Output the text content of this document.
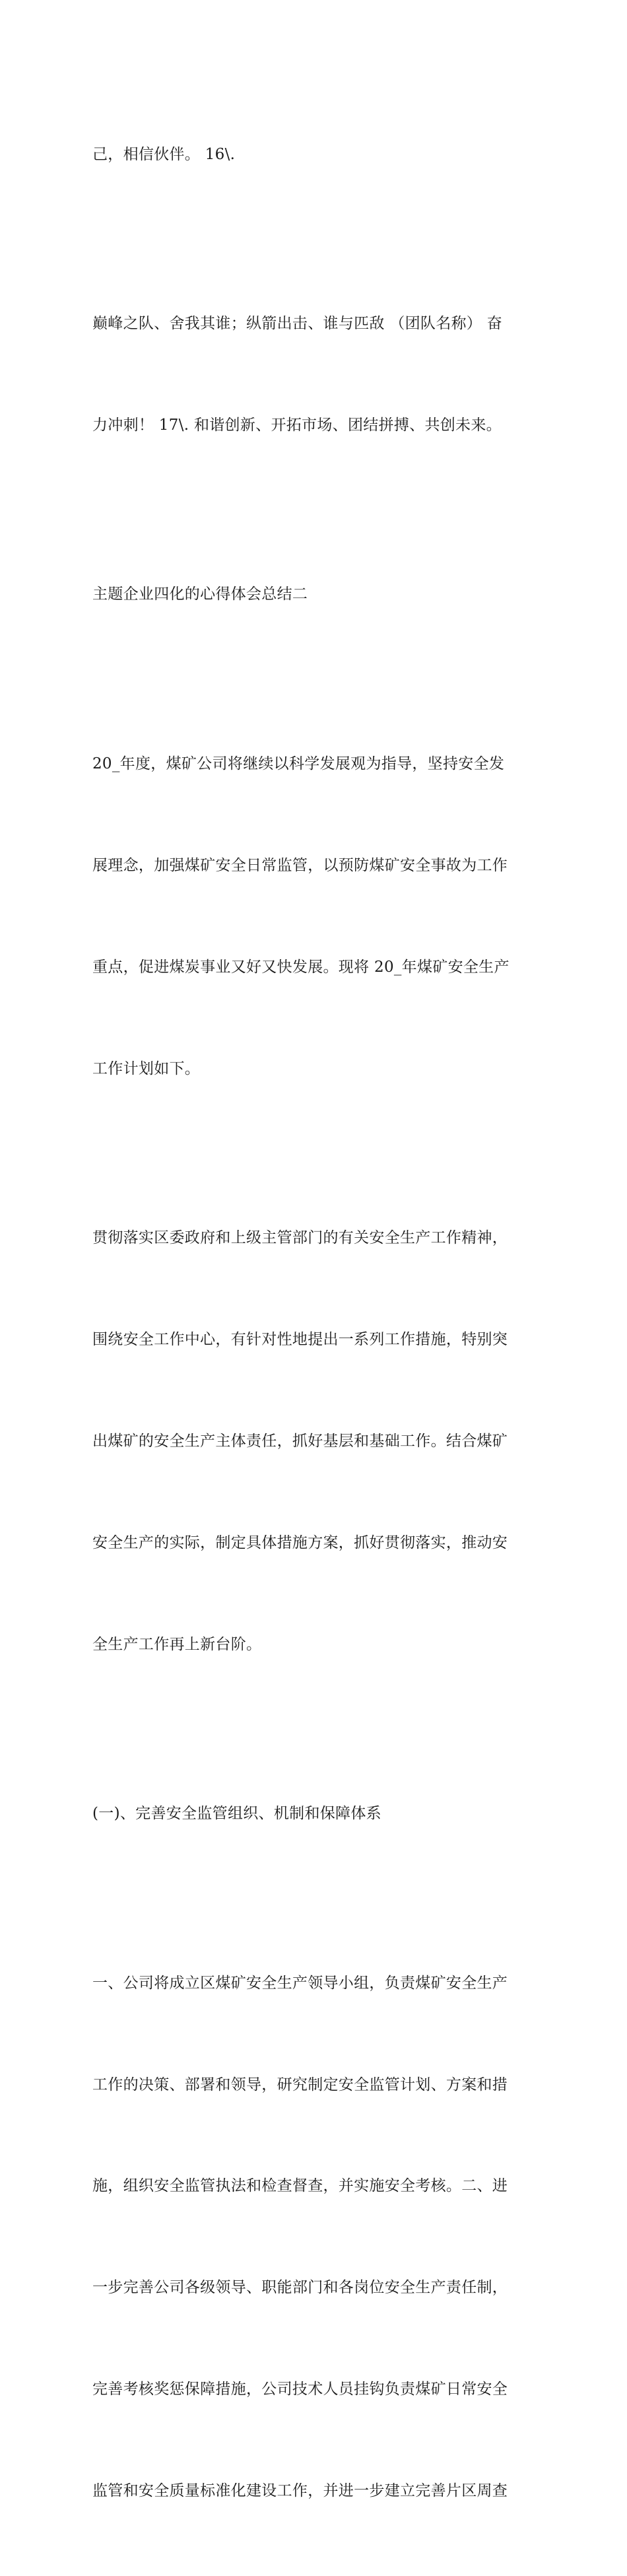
己，相信伙伴。 16\.

巅峰之队、舍我其谁；纵箭出击、谁与匹敌 （团队名称） 奋

力冲刺！ 17\. 和谐创新、开拓市场、团结拼搏、共创未来。

主题企业四化的心得体会总结二

20_年度，煤矿公司将继续以科学发展观为指导，坚持安全发

展理念，加强煤矿安全日常监管，以预防煤矿安全事故为工作

重点，促进煤炭事业又好又快发展。现将 20_年煤矿安全生产

工作计划如下。

贯彻落实区委政府和上级主管部门的有关安全生产工作精神，

围绕安全工作中心，有针对性地提出一系列工作措施，特别突

出煤矿的安全生产主体责任，抓好基层和基础工作。结合煤矿

安全生产的实际，制定具体措施方案，抓好贯彻落实，推动安

全生产工作再上新台阶。

(一)、完善安全监管组织、机制和保障体系

一、公司将成立区煤矿安全生产领导小组，负责煤矿安全生产

工作的决策、部署和领导，研究制定安全监管计划、方案和措

施，组织安全监管执法和检查督查，并实施安全考核。二、进

一步完善公司各级领导、职能部门和各岗位安全生产责任制，

完善考核奖惩保障措施，公司技术人员挂钩负责煤矿日常安全

监管和安全质量标准化建设工作，并进一步建立完善片区周查
